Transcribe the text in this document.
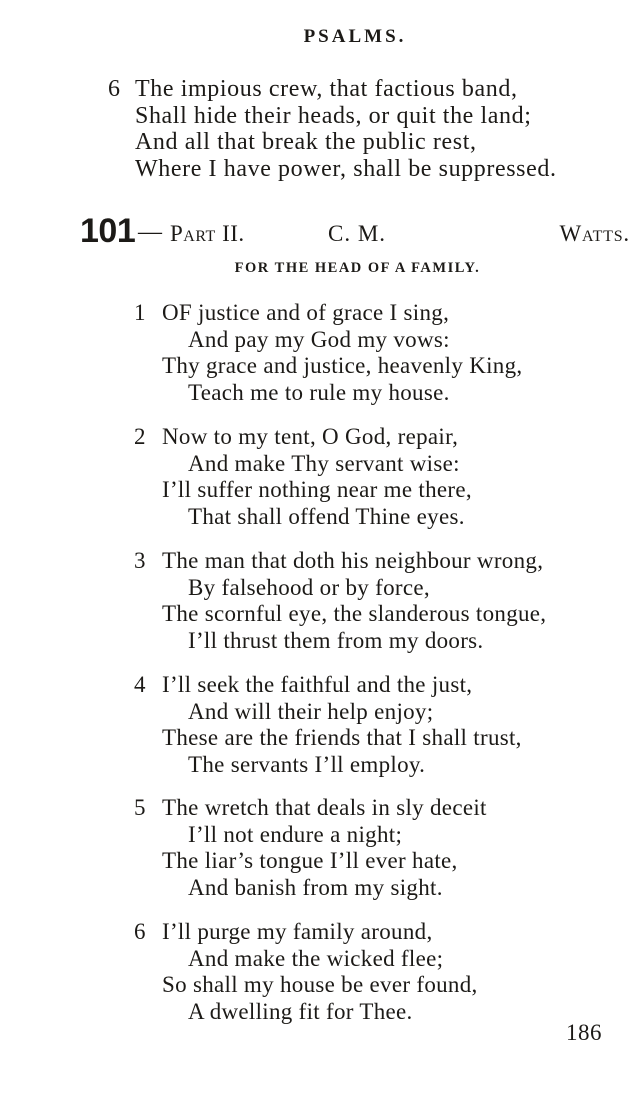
PSALMS.
6 The impious crew, that factious band,
Shall hide their heads, or quit the land;
And all that break the public rest,
Where I have power, shall be suppressed.
101 — Part II.	C. M.	Watts.
FOR THE HEAD OF A FAMILY.
1 OF justice and of grace I sing,
And pay my God my vows:
Thy grace and justice, heavenly King,
Teach me to rule my house.
2 Now to my tent, O God, repair,
And make Thy servant wise:
I’ll suffer nothing near me there,
That shall offend Thine eyes.
3 The man that doth his neighbour wrong,
By falsehood or by force,
The scornful eye, the slanderous tongue,
I’ll thrust them from my doors.
4 I’ll seek the faithful and the just,
And will their help enjoy;
These are the friends that I shall trust,
The servants I’ll employ.
5 The wretch that deals in sly deceit
I’ll not endure a night;
The liar’s tongue I’ll ever hate,
And banish from my sight.
6 I’ll purge my family around,
And make the wicked flee;
So shall my house be ever found,
A dwelling fit for Thee.
186
